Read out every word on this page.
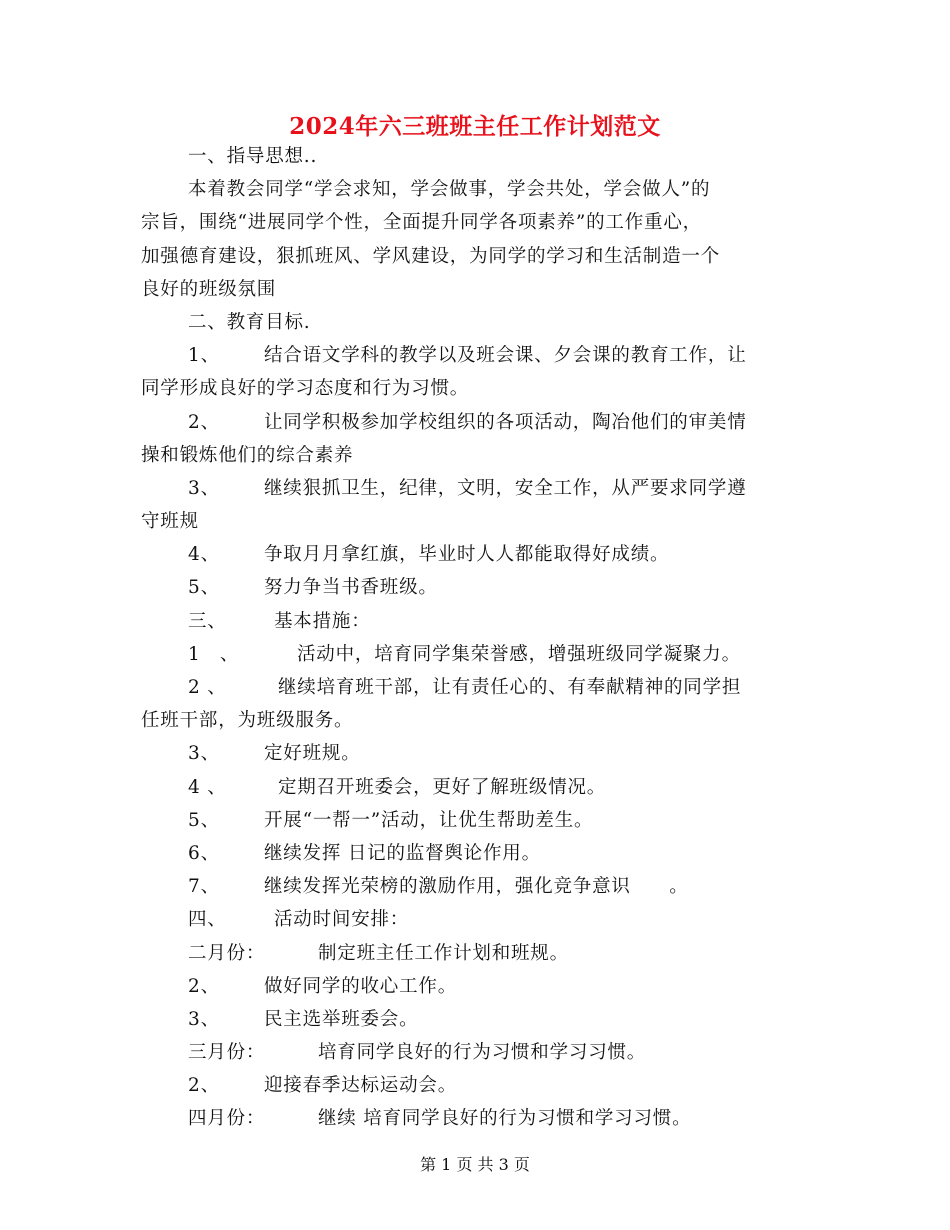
2024年六三班班主任工作计划范文
一、指导思想..
本着教会同学“学会求知，学会做事，学会共处，学会做人”的
宗旨，围绕“进展同学个性，全面提升同学各项素养”的工作重心，
加强德育建设，狠抓班风、学风建设，为同学的学习和生活制造一个
良好的班级氛围
二、教育目标.
1、 结合语文学科的教学以及班会课、夕会课的教育工作，让
同学形成良好的学习态度和行为习惯。
2、 让同学积极参加学校组织的各项活动，陶冶他们的审美情
操和锻炼他们的综合素养
3、 继续狠抓卫生，纪律，文明，安全工作，从严要求同学遵
守班规
4、 争取月月拿红旗，毕业时人人都能取得好成绩。
5、 努力争当书香班级。
三、	基本措施：
1　、	活动中，培育同学集荣誉感，增强班级同学凝聚力。
2 、	继续培育班干部，让有责任心的、有奉献精神的同学担
任班干部，为班级服务。
3、 定好班规。
4 、	定期召开班委会，更好了解班级情况。
5、 开展“一帮一”活动，让优生帮助差生。
6、 继续发挥 日记的监督舆论作用。
7、 继续发挥光荣榜的激励作用，强化竞争意识　　。
四、	活动时间安排：
二月份：	制定班主任工作计划和班规。
2、 做好同学的收心工作。
3、 民主选举班委会。
三月份：	培育同学良好的行为习惯和学习习惯。
2、 迎接春季达标运动会。
四月份：	继续 培育同学良好的行为习惯和学习习惯。
第 1 页 共 3 页
